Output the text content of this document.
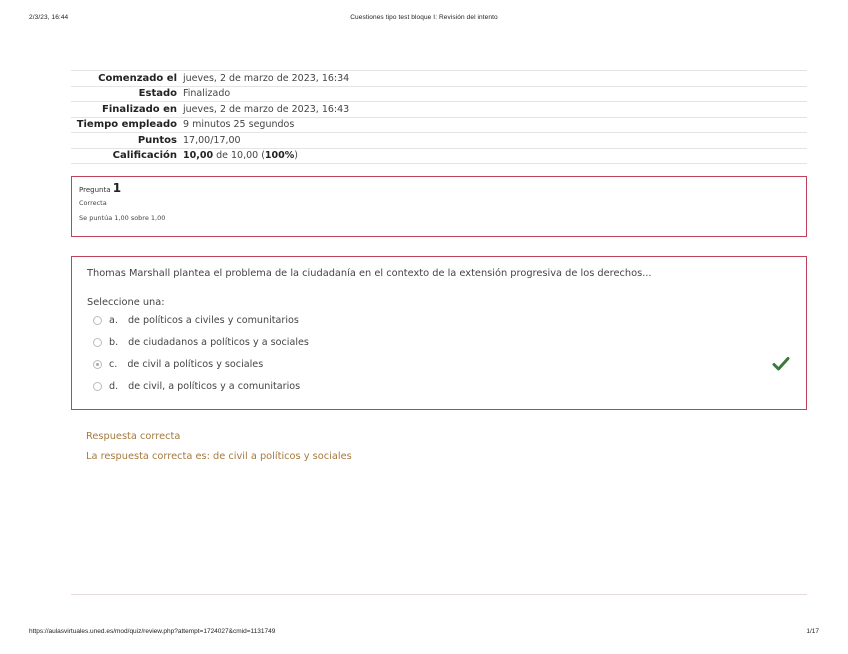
2/3/23, 16:44	Cuestiones tipo test bloque I: Revisión del intento
Comenzado el	jueves, 2 de marzo de 2023, 16:34
Estado	Finalizado
Finalizado en	jueves, 2 de marzo de 2023, 16:43
Tiempo empleado	9 minutos 25 segundos
Puntos	17,00/17,00
Calificación	10,00 de 10,00 (100%)
Pregunta 1
Correcta
Se puntúa 1,00 sobre 1,00
Thomas Marshall plantea el problema de la ciudadanía en el contexto de la extensión progresiva de los derechos...
Seleccione una:
a. de políticos a civiles y comunitarios
b. de ciudadanos a políticos y a sociales
c. de civil a políticos y sociales
d. de civil, a políticos y a comunitarios
Respuesta correcta
La respuesta correcta es: de civil a políticos y sociales
https://aulasvirtuales.uned.es/mod/quiz/review.php?attempt=1724027&cmid=1131749	1/17
